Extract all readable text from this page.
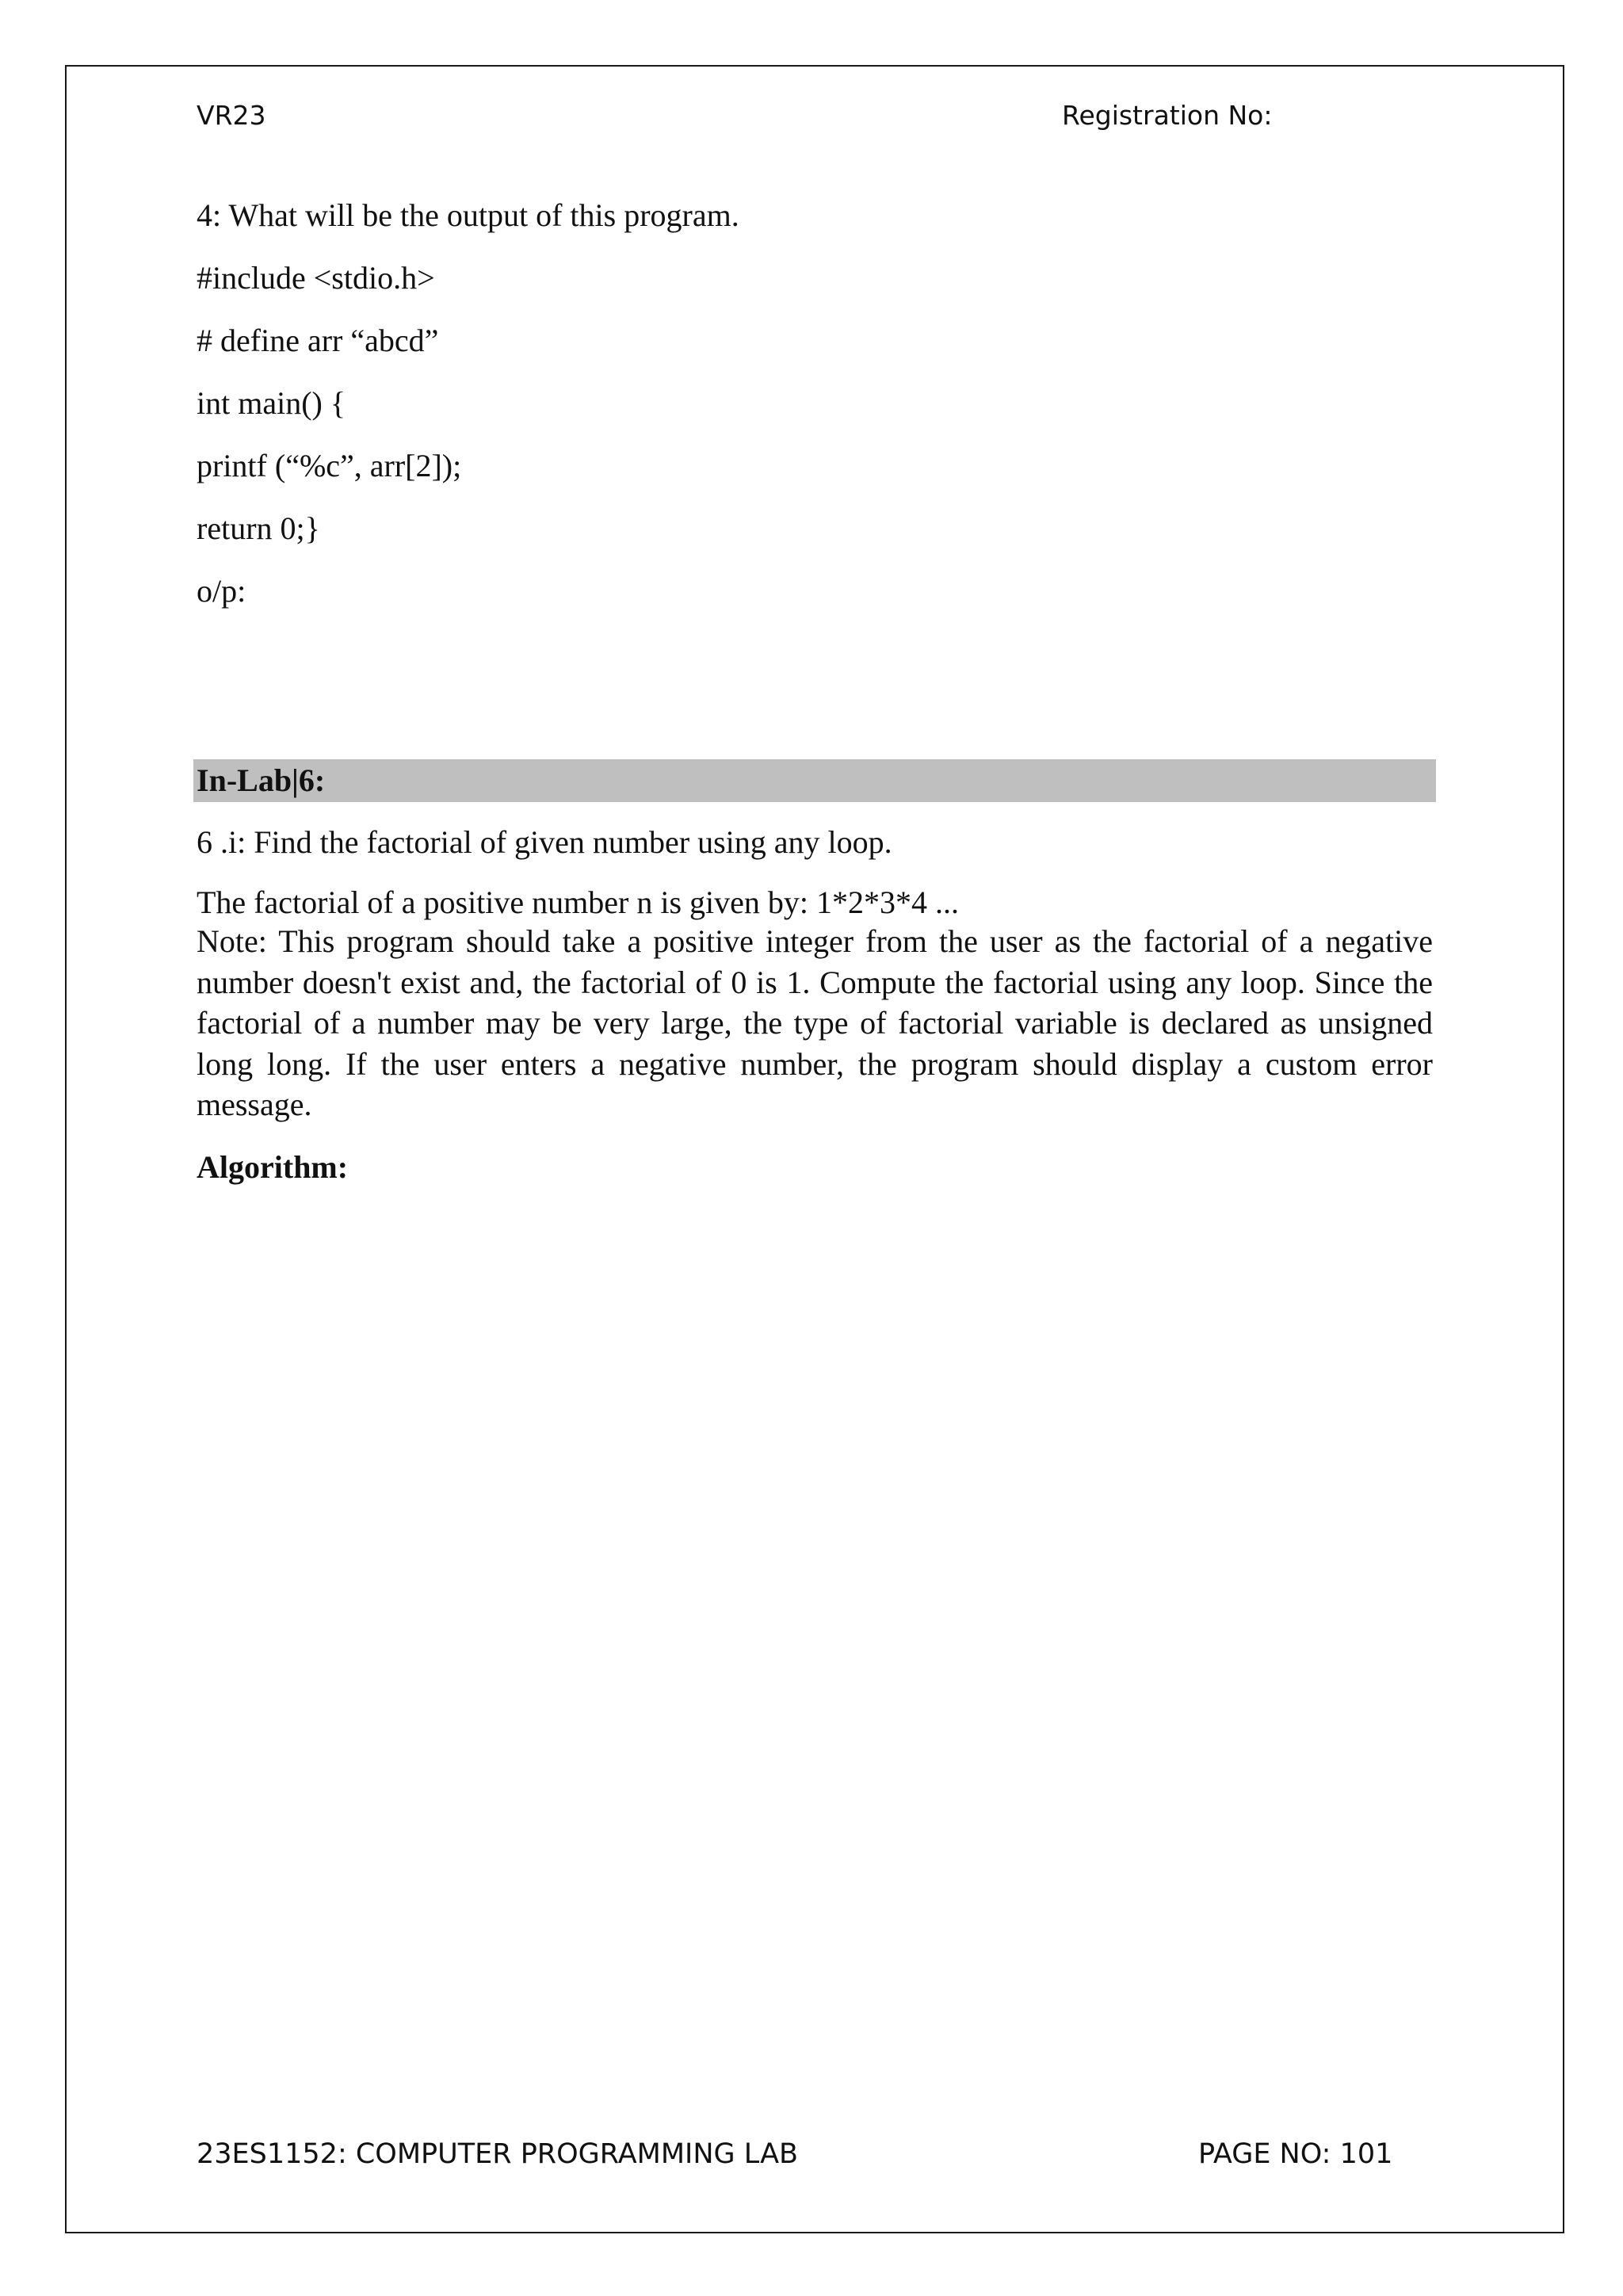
VR23	Registration No:
4: What will be the output of this program.
#include <stdio.h>
# define arr “abcd”
int main() {
printf (“%c”, arr[2]);
return 0;}
o/p:
In-Lab|6:
6 .i: Find the factorial of given number using any loop.
The factorial of a positive number n is given by: 1*2*3*4 ...
Note: This program should take a positive integer from the user as the factorial of a negative number doesn't exist and, the factorial of 0 is 1. Compute the factorial using any loop. Since the factorial of a number may be very large, the type of factorial variable is declared as unsigned long long. If the user enters a negative number, the program should display a custom error message.
Algorithm:
23ES1152: COMPUTER PROGRAMMING LAB	PAGE NO: 101
